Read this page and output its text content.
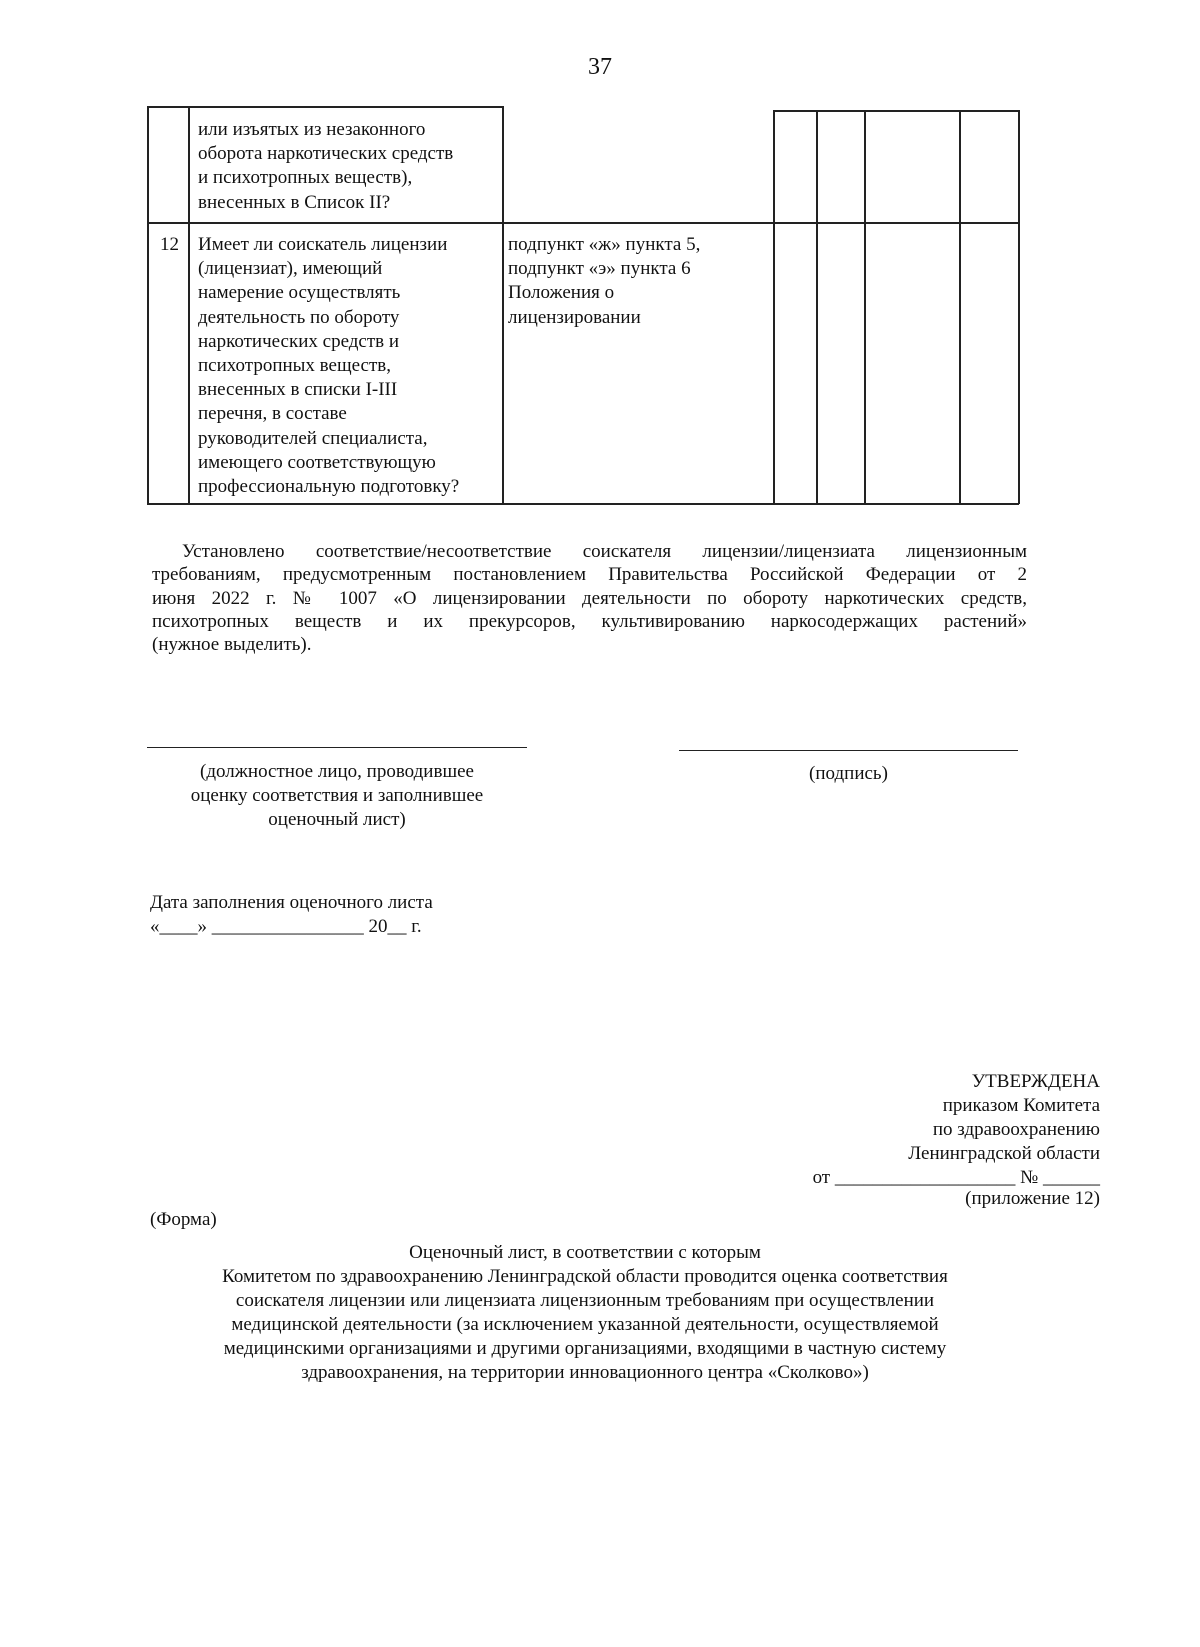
37
или изъятых из незаконного
оборота наркотических средств
и психотропных веществ),
внесенных в Список II?
12 Имеет ли соискатель лицензии
(лицензиат), имеющий
намерение осуществлять
деятельность по обороту
наркотических средств и
психотропных веществ,
внесенных в списки I-III
перечня, в составе
руководителей специалиста,
имеющего соответствующую
профессиональную подготовку?
подпункт «ж» пункта 5,
подпункт «э» пункта 6
Положения о
лицензировании
Установлено соответствие/несоответствие соискателя лицензии/лицензиата лицензионным
требованиям, предусмотренным постановлением Правительства Российской Федерации от 2
июня 2022 г. № 1007 «О лицензировании деятельности по обороту наркотических средств,
психотропных веществ и их прекурсоров, культивированию наркосодержащих растений»
(нужное выделить).
(должностное лицо, проводившее
оценку соответствия и заполнившее
оценочный лист)
(подпись)
Дата заполнения оценочного листа
«____» ________________ 20__ г.
УТВЕРЖДЕНА
приказом Комитета
по здравоохранению
Ленинградской области
от ___________________ № ______
(приложение 12)
(Форма)
Оценочный лист, в соответствии с которым
Комитетом по здравоохранению Ленинградской области проводится оценка соответствия
соискателя лицензии или лицензиата лицензионным требованиям при осуществлении
медицинской деятельности (за исключением указанной деятельности, осуществляемой
медицинскими организациями и другими организациями, входящими в частную систему
здравоохранения, на территории инновационного центра «Сколково»)
